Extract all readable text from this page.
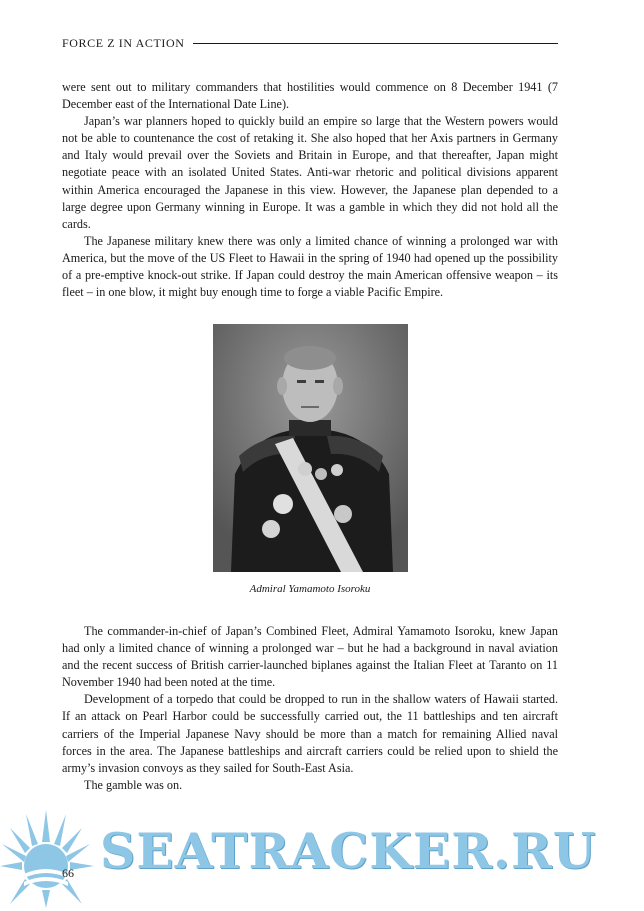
FORCE Z IN ACTION

were sent out to military commanders that hostilities would commence on 8 December 1941 (7 December east of the International Date Line).

Japan’s war planners hoped to quickly build an empire so large that the Western powers would not be able to countenance the cost of retaking it. She also hoped that her Axis partners in Germany and Italy would prevail over the Soviets and Britain in Europe, and that thereafter, Japan might negotiate peace with an isolated United States. Anti-war rhetoric and political divisions apparent within America encouraged the Japanese in this view. However, the Japanese plan depended to a large degree upon Germany winning in Europe. It was a gamble in which they did not hold all the cards.

The Japanese military knew there was only a limited chance of winning a prolonged war with America, but the move of the US Fleet to Hawaii in the spring of 1940 had opened up the possibility of a pre-emptive knock-out strike. If Japan could destroy the main American offensive weapon – its fleet – in one blow, it might buy enough time to forge a viable Pacific Empire.

Admiral Yamamoto Isoroku

The commander-in-chief of Japan’s Combined Fleet, Admiral Yamamoto Isoroku, knew Japan had only a limited chance of winning a prolonged war – but he had a background in naval aviation and the recent success of British carrier-launched biplanes against the Italian Fleet at Taranto on 11 November 1940 had been noted at the time.

Development of a torpedo that could be dropped to run in the shallow waters of Hawaii started. If an attack on Pearl Harbor could be successfully carried out, the 11 battleships and ten aircraft carriers of the Imperial Japanese Navy should be more than a match for remaining Allied naval forces in the area. The Japanese battleships and aircraft carriers could be relied upon to shield the army’s invasion convoys as they sailed for South-East Asia.

The gamble was on.

SEATRACKER.RU
66
